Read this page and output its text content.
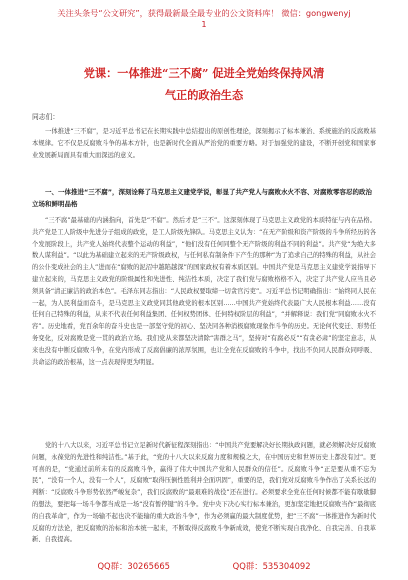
关注头条号“公文研究”，获得最新最全最专业的公文资料库！ 微信：gongwenyj
1
党课：一体推进“三不腐” 促进全党始终保持风清
气正的政治生态
同志们：

一体推进“三不腐”，是习近平总书记在长期实践中总结提出的原创性理论，深刻揭示了标本兼治、系统施治的反腐败基本规律。它不仅是反腐败斗争的基本方针，也是新时代全面从严治党的重要方略。对于加强党的建设，不断开创党和国家事业发展新局面具有重大而深远的意义。

一、一体推进“三不腐”，深刻诠释了马克思主义建党学说，彰显了共产党人与腐败水火不容、对腐败零容忍的政治立场和鲜明品格

“三不腐”最基础的内涵指向，首先是“不腐”。然后才是“三不”。这深刻体现了马克思主义政党的本质特征与内在品格。共产党是工人阶级中先进分子组成的政党，是工人阶级先锋队。马克思主义认为：“在无产阶级和资产阶级的斗争所经历的各个发展阶段上，共产党人始终代表整个运动的利益”，“他们没有任何同整个无产阶级的利益不同的利益”。共产党“为绝大多数人谋利益”。“以此为基础建立起来的无产阶级政权，与任何私有制条件下产生的那种“为了追求自己的特殊的利益，从社会的公仆变成社会的主人”进而在“腐败的泥沼中越陷越深”的国家政权有着本质区别。中国共产党是马克思主义建党学说指导下建立起来的，马克思主义政党的阶级属性和先进性、纯洁性本质，决定了我们党与腐败格格不入，决定了共产党人应当且必须具备“清正廉洁的政治本色”。毛泽东同志指出：“人民政权要取缔一切贪官污吏”。习近平总书记明确指出：“始终同人民在一起，为人民利益而奋斗，是马克思主义政党同其他政党的根本区别……中国共产党始终代表最广大人民根本利益……没有任何自己特殊的利益，从来不代表任何利益集团、任何权势团体、任何特权阶层的利益”，“并解释说：我们党“同腐败水火不容”。历史地看，党百余年的奋斗史也是一部坚守党的初心、坚决同各种消极腐败现象作斗争的历史。无论何代变迁、形势任务变化，反对腐败是党一贯的政治立场。我们党从来都坚决清除“害群之马”，坚持对“有腐必反”“有贪必肃”的坚定意志，从来也没有中断反腐败斗争，在党内形成了反腐倡廉的浓厚氛围，也让全党在反腐败的斗争中，找出不负同人民群众同呼吸、共命运的政治根基，这一点表现得更为明显。

党的十八大以来，习近平总书记立足新时代新征程深刻指出：“中国共产党要解决好长期执政问题，就必须解决好反腐败问题，永葆党的先进性和纯洁性。”基于此，“党的十八大以来反腐力度和规模之大，在中国历史和世界历史上都没有过”。更可喜的是，“党通过前所未有的反腐败斗争，赢得了伟大中国共产党和人民群众的信任”。反腐败斗争“正是要从重不忘为民”，“没有一个人，没有一个人”，反腐败“取得压倒性胜利并全面巩固”，重要的是，我们党对反腐败斗争作出了关系长远的判断：“反腐败斗争形势依然严峻复杂”，我们反腐败的“最艰难的战役”还在进行。必须要求全党在任何时候都不能有歇歇脚的想法，要把每一场斗争都当成是一场“没有暂停键”的斗争。党中央下决心实行标本兼治，更加坚定地把反腐败当作“最彻底的自我革命”，作为一场输不起也决不能输的重大政治斗争”，作为必须赢的最大制度优势，把“三不腐”一体推进作为新时代反腐的方法论，把反腐败的治标和治本统一起来，不断取得反腐败斗争新成效，使党不断实现自我净化、自我完善、自我革新、自我提高。

QQ群：30265665	QQ群：535304092
